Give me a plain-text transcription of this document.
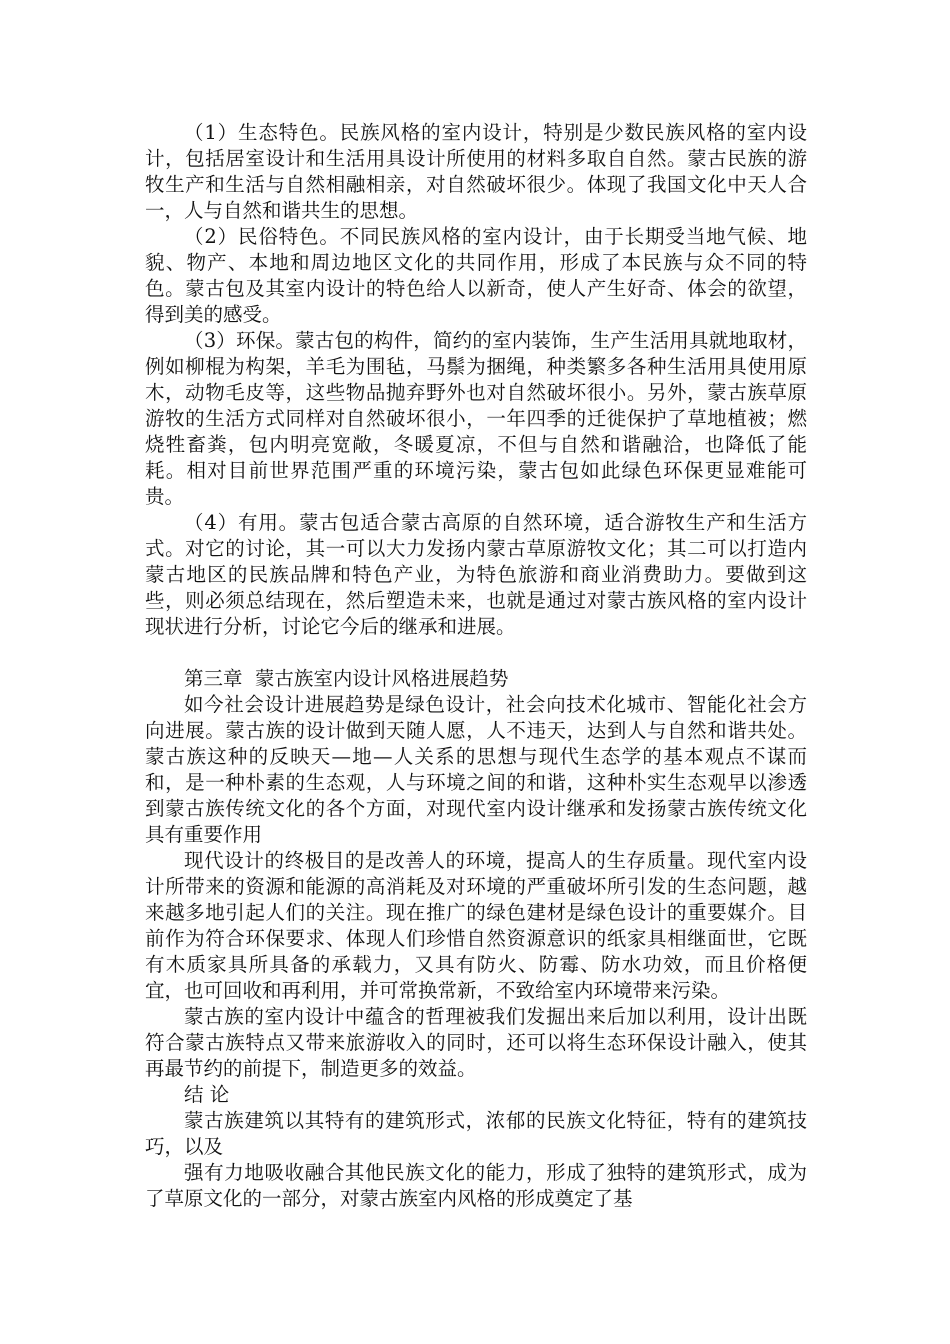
（1）生态特色。民族风格的室内设计，特别是少数民族风格的室内设计，包括居室设计和生活用具设计所使用的材料多取自自然。蒙古民族的游牧生产和生活与自然相融相亲，对自然破坏很少。体现了我国文化中天人合一，人与自然和谐共生的思想。

（2）民俗特色。不同民族风格的室内设计，由于长期受当地气候、地貌、物产、本地和周边地区文化的共同作用，形成了本民族与众不同的特色。蒙古包及其室内设计的特色给人以新奇，使人产生好奇、体会的欲望，得到美的感受。

（3）环保。蒙古包的构件，简约的室内装饰，生产生活用具就地取材，例如柳棍为构架，羊毛为围毡，马鬃为捆绳，种类繁多各种生活用具使用原木，动物毛皮等，这些物品抛弃野外也对自然破坏很小。另外，蒙古族草原游牧的生活方式同样对自然破坏很小，一年四季的迁徙保护了草地植被；燃烧牲畜粪，包内明亮宽敞，冬暖夏凉，不但与自然和谐融洽，也降低了能耗。相对目前世界范围严重的环境污染，蒙古包如此绿色环保更显难能可贵。

（4）有用。蒙古包适合蒙古高原的自然环境，适合游牧生产和生活方式。对它的讨论，其一可以大力发扬内蒙古草原游牧文化；其二可以打造内蒙古地区的民族品牌和特色产业，为特色旅游和商业消费助力。要做到这些，则必须总结现在，然后塑造未来，也就是通过对蒙古族风格的室内设计现状进行分析，讨论它今后的继承和进展。

第三章  蒙古族室内设计风格进展趋势

如今社会设计进展趋势是绿色设计，社会向技术化城市、智能化社会方向进展。蒙古族的设计做到天随人愿，人不违天，达到人与自然和谐共处。蒙古族这种的反映天—地—人关系的思想与现代生态学的基本观点不谋而和，是一种朴素的生态观，人与环境之间的和谐，这种朴实生态观早以渗透到蒙古族传统文化的各个方面，对现代室内设计继承和发扬蒙古族传统文化具有重要作用

现代设计的终极目的是改善人的环境，提高人的生存质量。现代室内设计所带来的资源和能源的高消耗及对环境的严重破坏所引发的生态问题，越来越多地引起人们的关注。现在推广的绿色建材是绿色设计的重要媒介。目前作为符合环保要求、体现人们珍惜自然资源意识的纸家具相继面世，它既有木质家具所具备的承载力，又具有防火、防霉、防水功效，而且价格便宜，也可回收和再利用，并可常换常新，不致给室内环境带来污染。

蒙古族的室内设计中蕴含的哲理被我们发掘出来后加以利用，设计出既符合蒙古族特点又带来旅游收入的同时，还可以将生态环保设计融入，使其再最节约的前提下，制造更多的效益。

结 论

蒙古族建筑以其特有的建筑形式，浓郁的民族文化特征，特有的建筑技巧，以及

强有力地吸收融合其他民族文化的能力，形成了独特的建筑形式，成为了草原文化的一部分，对蒙古族室内风格的形成奠定了基
